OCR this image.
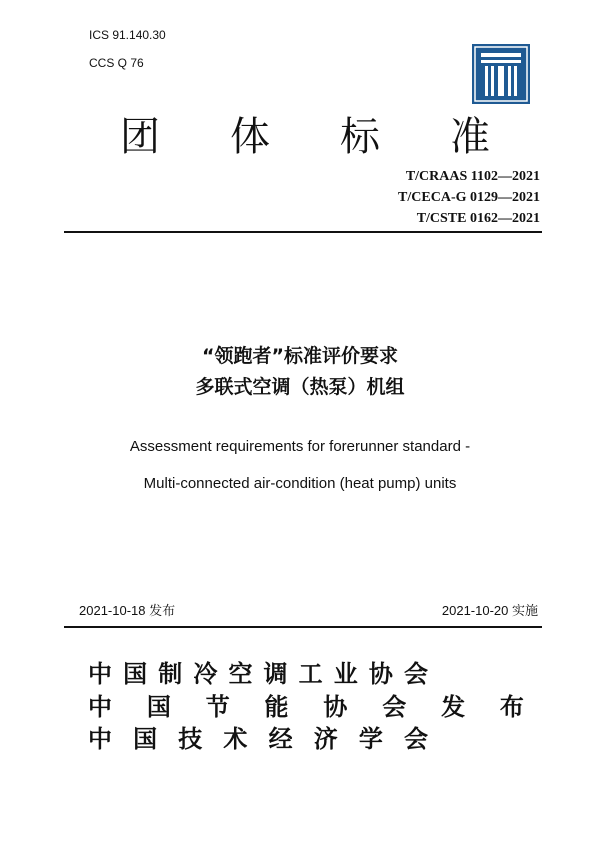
ICS 91.140.30
CCS Q 76
团 体 标 准
T/CRAAS 1102—2021
T/CECA-G 0129—2021
T/CSTE 0162—2021
“领跑者”标准评价要求
多联式空调（热泵）机组
Assessment requirements for forerunner standard -
Multi-connected air-condition (heat pump) units
2021-10-18 发布	2021-10-20 实施
中 国 制 冷 空 调 工 业 协 会
中 国 节 能 协 会 发 布
中 国 技 术 经 济 学 会
